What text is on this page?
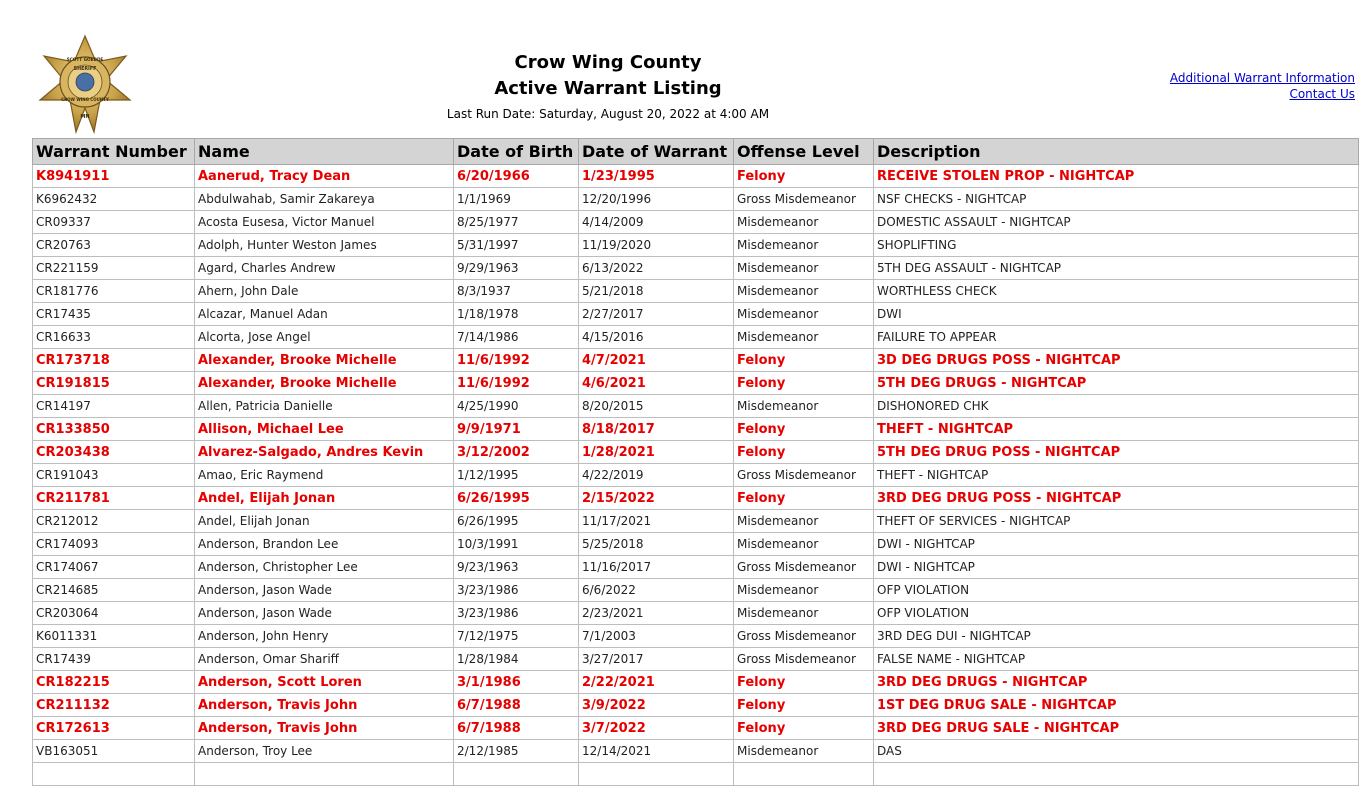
SCOTT GOEDDE
SHERIFF
CROW WING COUNTY
MN
Crow Wing County
Active Warrant Listing
Last Run Date: Saturday, August 20, 2022 at 4:00 AM
Additional Warrant Information
Contact Us
Warrant Number	Name	Date of Birth	Date of Warrant	Offense Level	Description
K8941911	Aanerud, Tracy Dean	6/20/1966	1/23/1995	Felony	RECEIVE STOLEN PROP - NIGHTCAP
K6962432	Abdulwahab, Samir Zakareya	1/1/1969	12/20/1996	Gross Misdemeanor	NSF CHECKS - NIGHTCAP
CR09337	Acosta Eusesa, Victor Manuel	8/25/1977	4/14/2009	Misdemeanor	DOMESTIC ASSAULT - NIGHTCAP
CR20763	Adolph, Hunter Weston James	5/31/1997	11/19/2020	Misdemeanor	SHOPLIFTING
CR221159	Agard, Charles Andrew	9/29/1963	6/13/2022	Misdemeanor	5TH DEG ASSAULT - NIGHTCAP
CR181776	Ahern, John Dale	8/3/1937	5/21/2018	Misdemeanor	WORTHLESS CHECK
CR17435	Alcazar, Manuel Adan	1/18/1978	2/27/2017	Misdemeanor	DWI
CR16633	Alcorta, Jose Angel	7/14/1986	4/15/2016	Misdemeanor	FAILURE TO APPEAR
CR173718	Alexander, Brooke Michelle	11/6/1992	4/7/2021	Felony	3D DEG DRUGS POSS - NIGHTCAP
CR191815	Alexander, Brooke Michelle	11/6/1992	4/6/2021	Felony	5TH DEG DRUGS - NIGHTCAP
CR14197	Allen, Patricia Danielle	4/25/1990	8/20/2015	Misdemeanor	DISHONORED CHK
CR133850	Allison, Michael Lee	9/9/1971	8/18/2017	Felony	THEFT - NIGHTCAP
CR203438	Alvarez-Salgado, Andres Kevin	3/12/2002	1/28/2021	Felony	5TH DEG DRUG POSS - NIGHTCAP
CR191043	Amao, Eric Raymend	1/12/1995	4/22/2019	Gross Misdemeanor	THEFT - NIGHTCAP
CR211781	Andel, Elijah Jonan	6/26/1995	2/15/2022	Felony	3RD DEG DRUG POSS - NIGHTCAP
CR212012	Andel, Elijah Jonan	6/26/1995	11/17/2021	Misdemeanor	THEFT OF SERVICES - NIGHTCAP
CR174093	Anderson, Brandon Lee	10/3/1991	5/25/2018	Misdemeanor	DWI - NIGHTCAP
CR174067	Anderson, Christopher Lee	9/23/1963	11/16/2017	Gross Misdemeanor	DWI - NIGHTCAP
CR214685	Anderson, Jason Wade	3/23/1986	6/6/2022	Misdemeanor	OFP VIOLATION
CR203064	Anderson, Jason Wade	3/23/1986	2/23/2021	Misdemeanor	OFP VIOLATION
K6011331	Anderson, John Henry	7/12/1975	7/1/2003	Gross Misdemeanor	3RD DEG DUI - NIGHTCAP
CR17439	Anderson, Omar Shariff	1/28/1984	3/27/2017	Gross Misdemeanor	FALSE NAME - NIGHTCAP
CR182215	Anderson, Scott Loren	3/1/1986	2/22/2021	Felony	3RD DEG DRUGS - NIGHTCAP
CR211132	Anderson, Travis John	6/7/1988	3/9/2022	Felony	1ST DEG DRUG SALE - NIGHTCAP
CR172613	Anderson, Travis John	6/7/1988	3/7/2022	Felony	3RD DEG DRUG SALE - NIGHTCAP
VB163051	Anderson, Troy Lee	2/12/1985	12/14/2021	Misdemeanor	DAS
